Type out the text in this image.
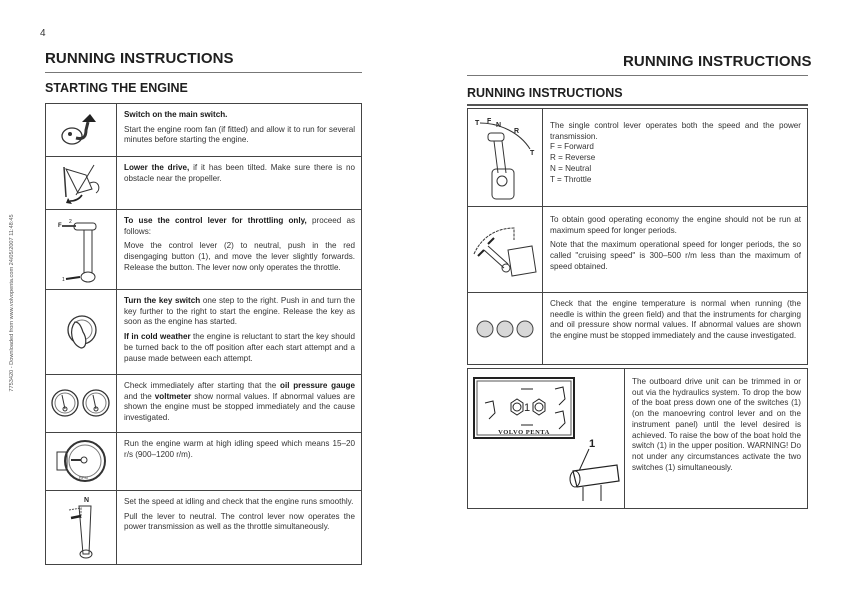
7753420 - Downloaded from www.volvopenta.com 24/05/2007 11:48:45
4
RUNNING INSTRUCTIONS
STARTING THE ENGINE

Switch on the main switch.

Start the engine room fan (if fitted) and allow it to run for several minutes before starting the engine.

Lower the drive, if it has been tilted. Make sure there is no obstacle near the propeller.

F
2
1

To use the control lever for throttling only, proceed as follows:

Move the control lever (2) to neutral, push in the red disengaging button (1), and move the lever slightly forwards. Release the button. The lever now only operates the throttle.

Turn the key switch one step to the right. Push in and turn the key further to the right to start the engine. Release the key as soon as the engine has started.

If in cold weather the engine is reluctant to start the key should be turned back to the off position after each start attempt and a pause made between each attempt.

Check immediately after starting that the oil pressure gauge and the voltmeter show normal values. If abnormal values are shown the engine must be stopped immediately and the cause investigated.

RPM	Run the engine warm at high idling speed which means 15–20 r/s (900–1200 r/m).

N	Set the speed at idling and check that the engine runs smoothly.

Pull the lever to neutral. The control lever now operates the power transmission as well as the throttle simultaneously.

RUNNING INSTRUCTIONS
RUNNING INSTRUCTIONS
T F
N
R
T	The single control lever operates both the speed and the power transmission.

F = Forward
R = Reverse
N = Neutral
T = Throttle

To obtain good operating economy the engine should not be run at maximum speed for longer periods.

Note that the maximum operational speed for longer periods, the so called "cruising speed" is 300–500 r/m less than the maximum of speed obtained.

Check that the engine temperature is normal when running (the needle is within the green field) and that the instruments for charging and oil pressure show normal values. If abnormal values are shown the engine must be stopped immediately and the cause investigated.

1
VOLVO PENTA
1

The outboard drive unit can be trimmed in or out via the hydraulics system. To drop the bow of the boat press down one of the switches (1) (on the manoevring control lever and on the instrument panel) until the level desired is achieved. To raise the bow of the boat hold the switch (1) in the upper position. WARNING! Do not under any circumstances activate the two switches (1) simultaneously.
